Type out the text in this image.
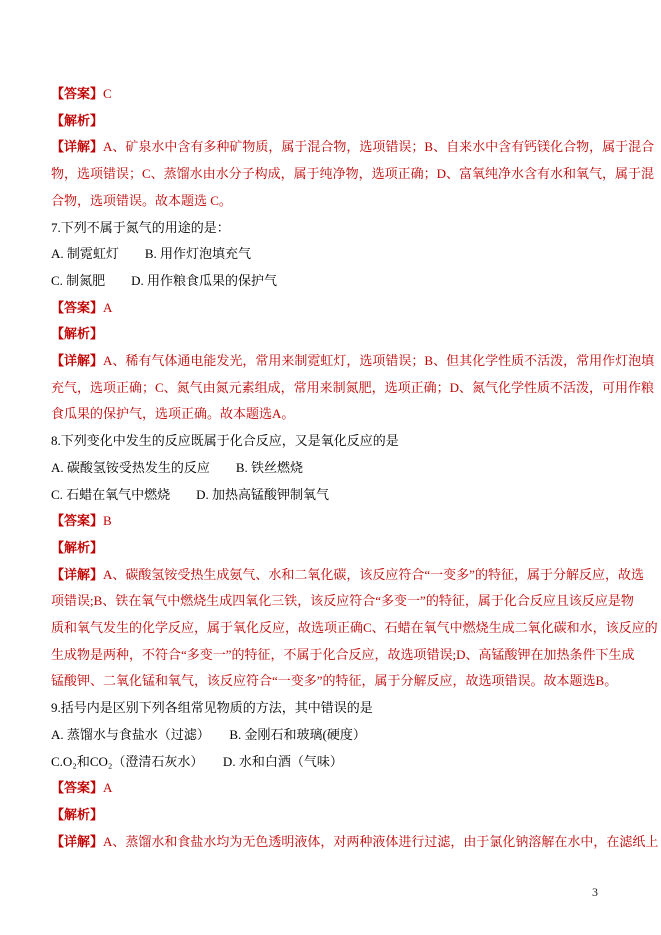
【答案】C
【解析】
【详解】A、矿泉水中含有多种矿物质，属于混合物，选项错误；B、自来水中含有钙镁化合物，属于混合
物，选项错误；C、蒸馏水由水分子构成，属于纯净物，选项正确；D、富氧纯净水含有水和氧气，属于混
合物，选项错误。故本题选 C。
7.下列不属于氮气的用途的是：
A. 制霓虹灯　　B. 用作灯泡填充气
C. 制氮肥　　D. 用作粮食瓜果的保护气
【答案】A
【解析】
【详解】A、稀有气体通电能发光，常用来制霓虹灯，选项错误；B、但其化学性质不活泼，常用作灯泡填
充气，选项正确；C、氮气由氮元素组成，常用来制氮肥，选项正确；D、氮气化学性质不活泼，可用作粮
食瓜果的保护气，选项正确。故本题选A。
8.下列变化中发生的反应既属于化合反应，又是氧化反应的是
A. 碳酸氢铵受热发生的反应　　B. 铁丝燃烧
C. 石蜡在氧气中燃烧　　D. 加热高锰酸钾制氧气
【答案】B
【解析】
【详解】A、碳酸氢铵受热生成氨气、水和二氧化碳，该反应符合“一变多”的特征，属于分解反应，故选
项错误;B、铁在氧气中燃烧生成四氧化三铁，该反应符合“多变一”的特征，属于化合反应且该反应是物
质和氧气发生的化学反应，属于氧化反应，故选项正确C、石蜡在氧气中燃烧生成二氧化碳和水，该反应的
生成物是两种，不符合“多变一”的特征，不属于化合反应，故选项错误;D、高锰酸钾在加热条件下生成
锰酸钾、二氧化锰和氧气，该反应符合“一变多”的特征，属于分解反应，故选项错误。故本题选B。
9.括号内是区别下列各组常见物质的方法，其中错误的是
A. 蒸馏水与食盐水（过滤）　　B. 金刚石和玻璃(硬度）
C.O₂和CO₂（澄清石灰水）　　D. 水和白酒（气味）
【答案】A
【解析】
【详解】A、蒸馏水和食盐水均为无色透明液体，对两种液体进行过滤，由于氯化钠溶解在水中，在滤纸上
3
